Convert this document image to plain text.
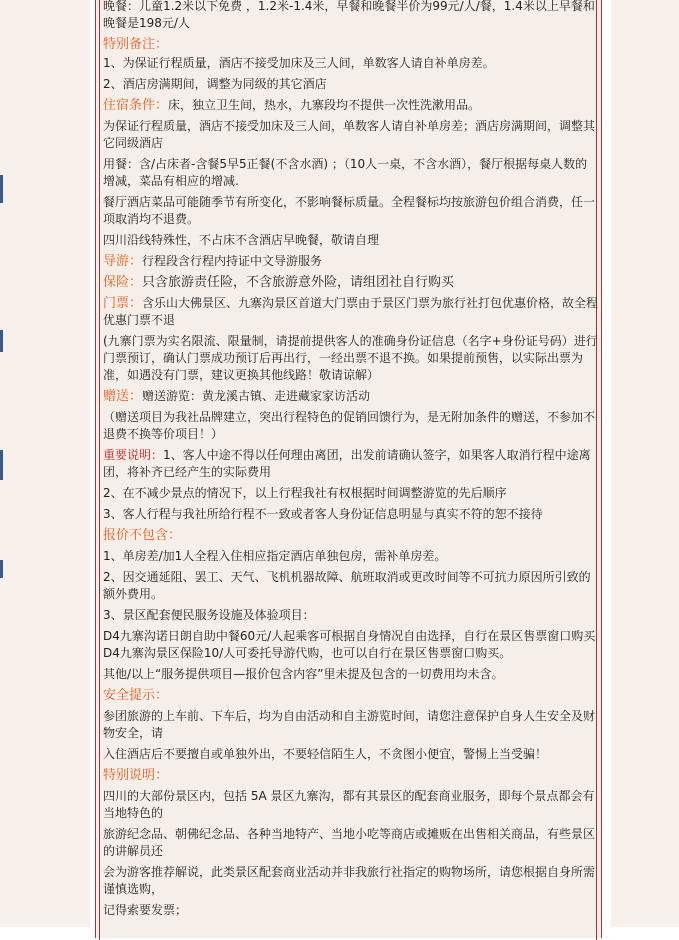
晚餐：儿童1.2米以下免费 ，1.2米-1.4米，早餐和晚餐半价为99元/人/餐，1.4米以上早餐和晚餐是198元/人

特别备注：

1、为保证行程质量，酒店不接受加床及三人间，单数客人请自补单房差。

2、酒店房满期间，调整为同级的其它酒店

住宿条件：床，独立卫生间，热水，九寨段均不提供一次性洗漱用品。

为保证行程质量，酒店不接受加床及三人间，单数客人请自补单房差；酒店房满期间，调整其它同级酒店

用餐：含/占床者-含餐5早5正餐(不含水酒) ；（10人一桌，不含水酒），餐厅根据每桌人数的增减，菜品有相应的增减.

餐厅酒店菜品可能随季节有所变化，不影响餐标质量。全程餐标均按旅游包价组合消费，任一项取消均不退费。

四川沿线特殊性，不占床不含酒店早晚餐，敬请自理

导游：行程段含行程内持证中文导游服务

保险：只含旅游责任险，不含旅游意外险，请组团社自行购买

门票：含乐山大佛景区、九寨沟景区首道大门票由于景区门票为旅行社打包优惠价格，故全程优惠门票不退

(九寨门票为实名限流、限量制，请提前提供客人的准确身份证信息（名字+身份证号码）进行门票预订，确认门票成功预订后再出行，一经出票不退不换。如果提前预售，以实际出票为准，如遇没有门票，建议更换其他线路！敬请谅解）

赠送：赠送游览：黄龙溪古镇、走进藏家家访活动

（赠送项目为我社品牌建立，突出行程特色的促销回馈行为，是无附加条件的赠送，不参加不退费不换等价项目！）

重要说明：1、客人中途不得以任何理由离团，出发前请确认签字，如果客人取消行程中途离团，将补齐已经产生的实际费用

2、在不减少景点的情况下，以上行程我社有权根据时间调整游览的先后顺序

3、客人行程与我社所给行程不一致或者客人身份证信息明显与真实不符的恕不接待

报价不包含：

1、单房差/加1人全程入住相应指定酒店单独包房，需补单房差。

2、因交通延阻、罢工、天气、飞机机器故障、航班取消或更改时间等不可抗力原因所引致的额外费用。

3、景区配套便民服务设施及体验项目：

D4九寨沟诺日朗自助中餐60元/人起乘客可根据自身情况自由选择，自行在景区售票窗口购买D4九寨沟景区保险10/人可委托导游代购，也可以自行在景区售票窗口购买。

其他/以上“服务提供项目—报价包含内容”里未提及包含的一切费用均未含。

安全提示：

参团旅游的上车前、下车后，均为自由活动和自主游览时间，请您注意保护自身人生安全及财物安全，请

入住酒店后不要擅自或单独外出，不要轻信陌生人，不贪图小便宜，警惕上当受骗！

特别说明：

四川的大部份景区内，包括 5A 景区九寨沟，都有其景区的配套商业服务，即每个景点都会有当地特色的

旅游纪念品、朝佛纪念品、各种当地特产、当地小吃等商店或摊贩在出售相关商品，有些景区的讲解员还

会为游客推荐解说，此类景区配套商业活动并非我旅行社指定的购物场所，请您根据自身所需谨慎选购，

记得索要发票；
